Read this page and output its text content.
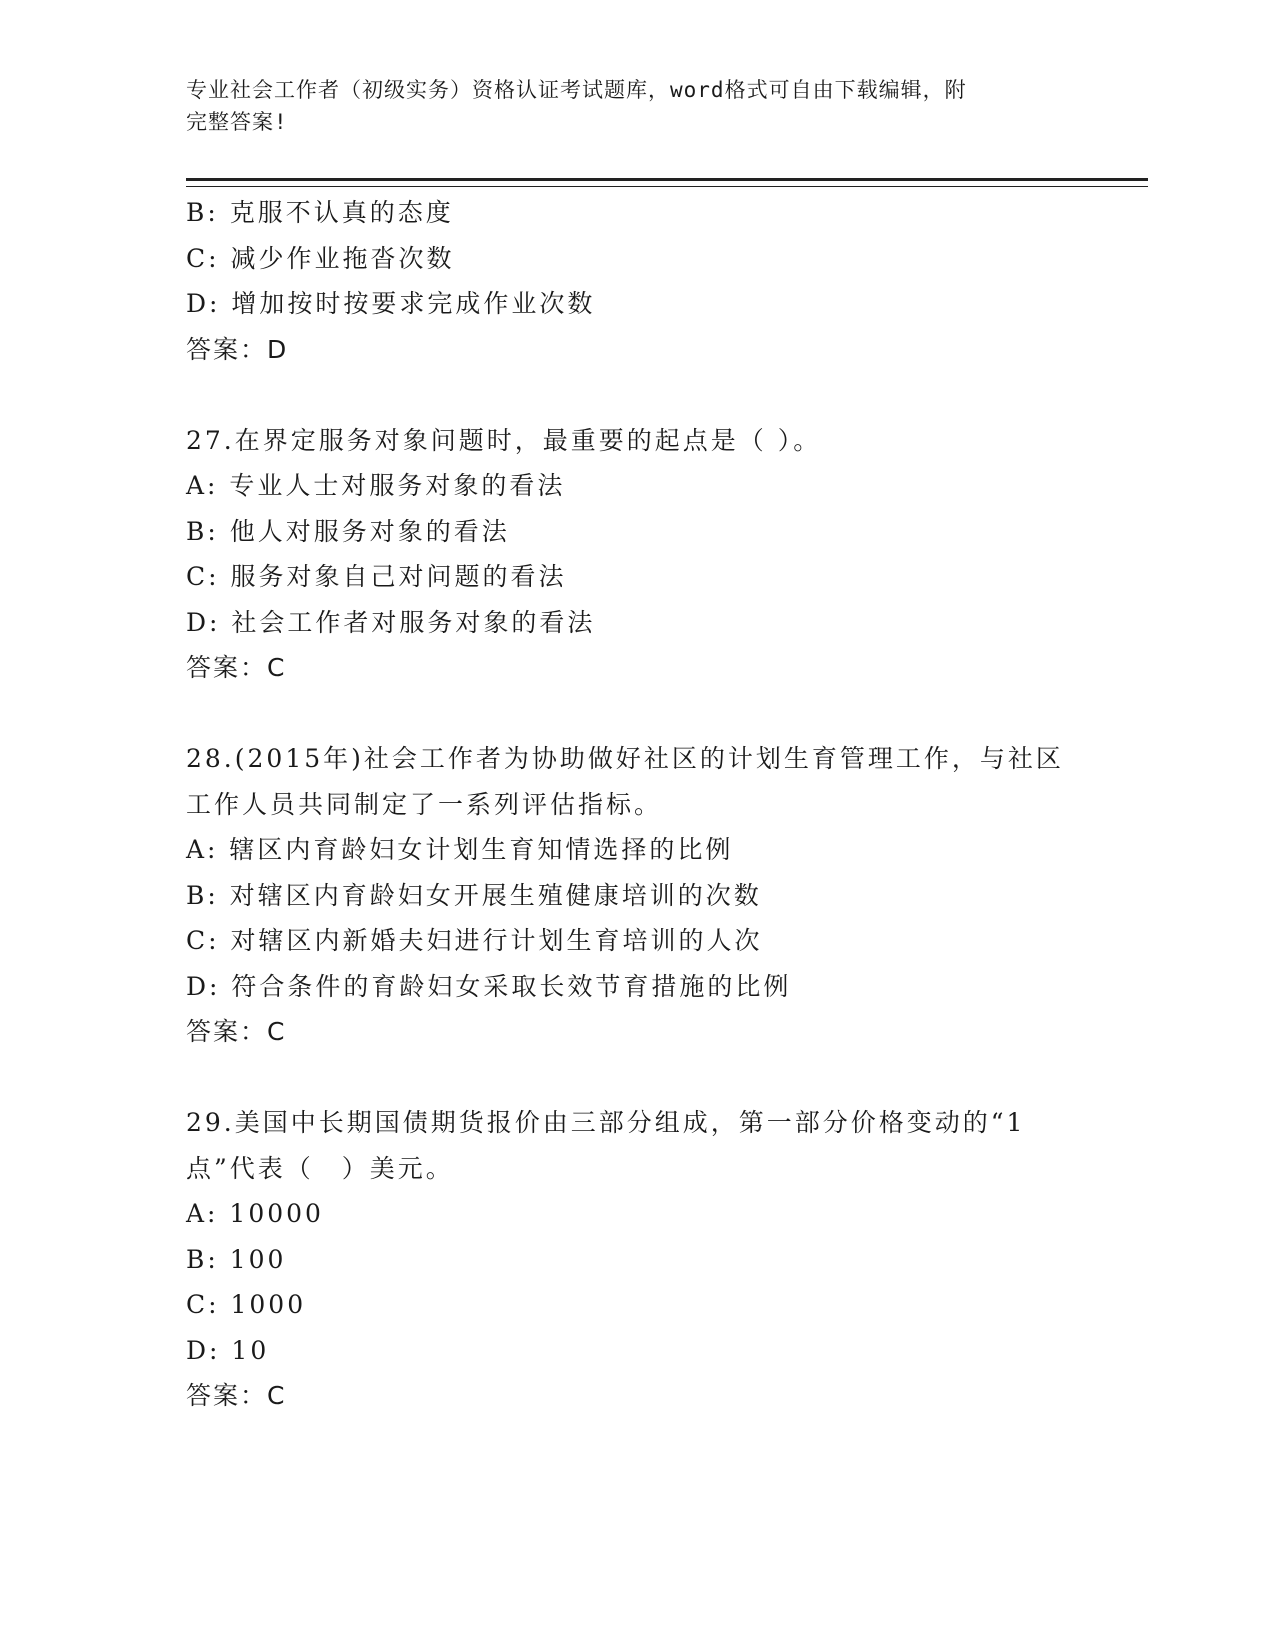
专业社会工作者（初级实务）资格认证考试题库，word格式可自由下载编辑，附
完整答案!
B: 克服不认真的态度
C: 减少作业拖沓次数
D: 增加按时按要求完成作业次数
答案：D
27.在界定服务对象问题时，最重要的起点是（ ）。
A: 专业人士对服务对象的看法
B: 他人对服务对象的看法
C: 服务对象自己对问题的看法
D: 社会工作者对服务对象的看法
答案：C
28.(2015年)社会工作者为协助做好社区的计划生育管理工作，与社区
工作人员共同制定了一系列评估指标。
A: 辖区内育龄妇女计划生育知情选择的比例
B: 对辖区内育龄妇女开展生殖健康培训的次数
C: 对辖区内新婚夫妇进行计划生育培训的人次
D: 符合条件的育龄妇女采取长效节育措施的比例
答案：C
29.美国中长期国债期货报价由三部分组成，第一部分价格变动的“1
点”代表（　）美元。
A: 10000
B: 100
C: 1000
D: 10
答案：C
